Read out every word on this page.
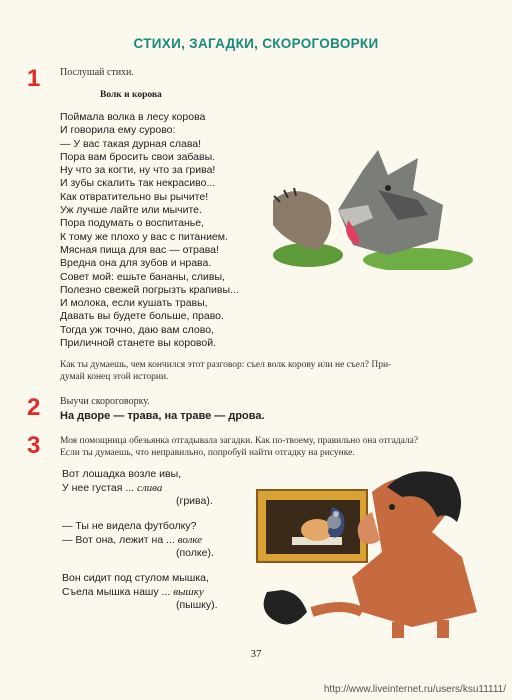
СТИХИ, ЗАГАДКИ, СКОРОГОВОРКИ
1 Послушай стихи.
Волк и корова
Поймала волка в лесу корова
И говорила ему сурово:
— У вас такая дурная слава!
Пора вам бросить свои забавы.
Ну что за когти, ну что за грива!
И зубы скалить так некрасиво...
Как отвратительно вы рычите!
Уж лучше лайте или мычите.
Пора подумать о воспитанье,
К тому же плохо у вас с питанием.
Мясная пища для вас — отрава!
Вредна она для зубов и нрава.
Совет мой: ешьте бананы, сливы,
Полезно свежей погрызть крапивы...
И молока, если кушать травы,
Давать вы будете больше, право.
Тогда уж точно, даю вам слово,
Приличной станете вы коровой.
Как ты думаешь, чем кончился этот разговор: съел волк корову или не съел? При-
думай конец этой истории.
2 Выучи скороговорку.
На дворе — трава, на траве — дрова.
3 Моя помощница обезьянка отгадывала загадки. Как по-твоему, правильно она отгадала?
Если ты думаешь, что неправильно, попробуй найти отгадку на рисунке.
Вот лошадка возле ивы,
У нее густая ... слива
(грива).
— Ты не видела футболку?
— Вот она, лежит на ... волке
(полке).
Вон сидит под стулом мышка,
Съела мышка нашу ... вышку
(пышку).
37
http://www.liveinternet.ru/users/ksu11111/
